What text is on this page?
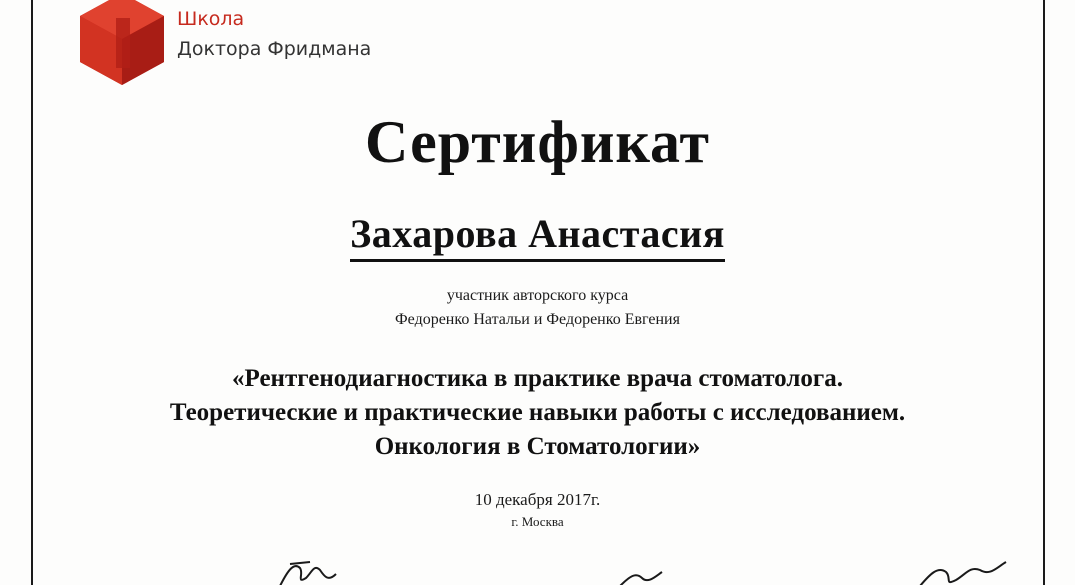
Школа
Доктора Фридмана
Сертификат
Захарова Анастасия
участник авторского курса
Федоренко Натальи и Федоренко Евгения
«Рентгенодиагностика в практике врача стоматолога.
Теоретические и практические навыки работы с исследованием.
Онкология в Стоматологии»
10 декабря 2017г.
г. Москва
